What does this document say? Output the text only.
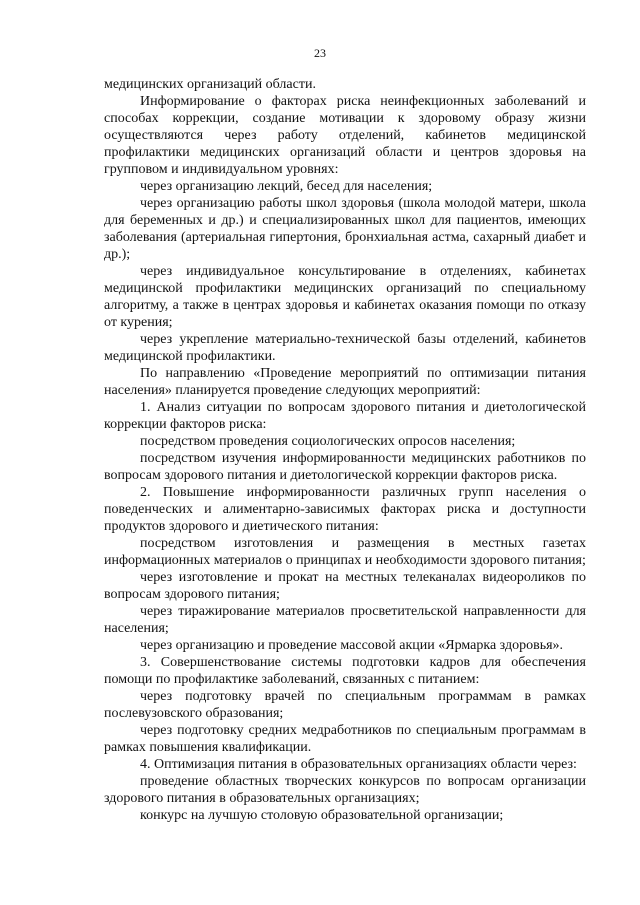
23

медицинских организаций области.

Информирование о факторах риска неинфекционных заболеваний и способах коррекции, создание мотивации к здоровому образу жизни осуществляются через работу отделений, кабинетов медицинской профилактики медицинских организаций области и центров здоровья на групповом и индивидуальном уровнях:

через организацию лекций, бесед для населения;

через организацию работы школ здоровья (школа молодой матери, школа для беременных и др.) и специализированных школ для пациентов, имеющих заболевания (артериальная гипертония, бронхиальная астма, сахарный диабет и др.);

через индивидуальное консультирование в отделениях, кабинетах медицинской профилактики медицинских организаций по специальному алгоритму, а также в центрах здоровья и кабинетах оказания помощи по отказу от курения;

через укрепление материально-технической базы отделений, кабинетов медицинской профилактики.

По направлению «Проведение мероприятий по оптимизации питания населения» планируется проведение следующих мероприятий:

1. Анализ ситуации по вопросам здорового питания и диетологической коррекции факторов риска:

посредством проведения социологических опросов населения;

посредством изучения информированности медицинских работников по вопросам здорового питания и диетологической коррекции факторов риска.

2. Повышение информированности различных групп населения о поведенческих и алиментарно-зависимых факторах риска и доступности продуктов здорового и диетического питания:

посредством изготовления и размещения в местных газетах информационных материалов о принципах и необходимости здорового питания;

через изготовление и прокат на местных телеканалах видеороликов по вопросам здорового питания;

через тиражирование материалов просветительской направленности для населения;

через организацию и проведение массовой акции «Ярмарка здоровья».

3. Совершенствование системы подготовки кадров для обеспечения помощи по профилактике заболеваний, связанных с питанием:

через подготовку врачей по специальным программам в рамках послевузовского образования;

через подготовку средних медработников по специальным программам в рамках повышения квалификации.

4. Оптимизация питания в образовательных организациях области через:

проведение областных творческих конкурсов по вопросам организации здорового питания в образовательных организациях;

конкурс на лучшую столовую образовательной организации;
